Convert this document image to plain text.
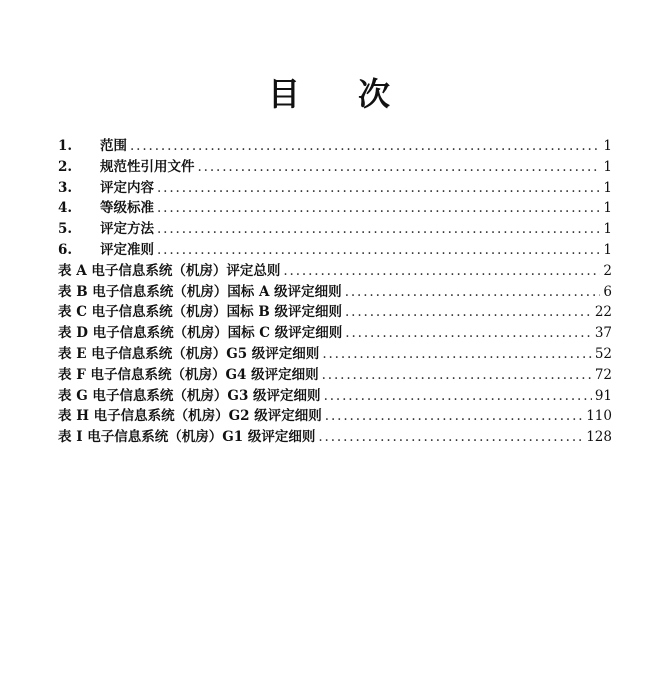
目 次
1.	范围 . . .	1
2.	规范性引用文件 . . .	1
3.	评定内容 . . .	1
4.	等级标准 . . .	1
5.	评定方法 . . .	1
6.	评定准则 . . .	1
表 A 电子信息系统（机房）评定总则 . . .	2
表 B 电子信息系统（机房）国标 A 级评定细则 . . .	6
表 C 电子信息系统（机房）国标 B 级评定细则 . . .	22
表 D 电子信息系统（机房）国标 C 级评定细则 . . .	37
表 E 电子信息系统（机房）G5 级评定细则 . . .	52
表 F 电子信息系统（机房）G4 级评定细则 . . .	72
表 G 电子信息系统（机房）G3 级评定细则 . . .	91
表 H 电子信息系统（机房）G2 级评定细则 . . .	110
表 I 电子信息系统（机房）G1 级评定细则 . . .	128
